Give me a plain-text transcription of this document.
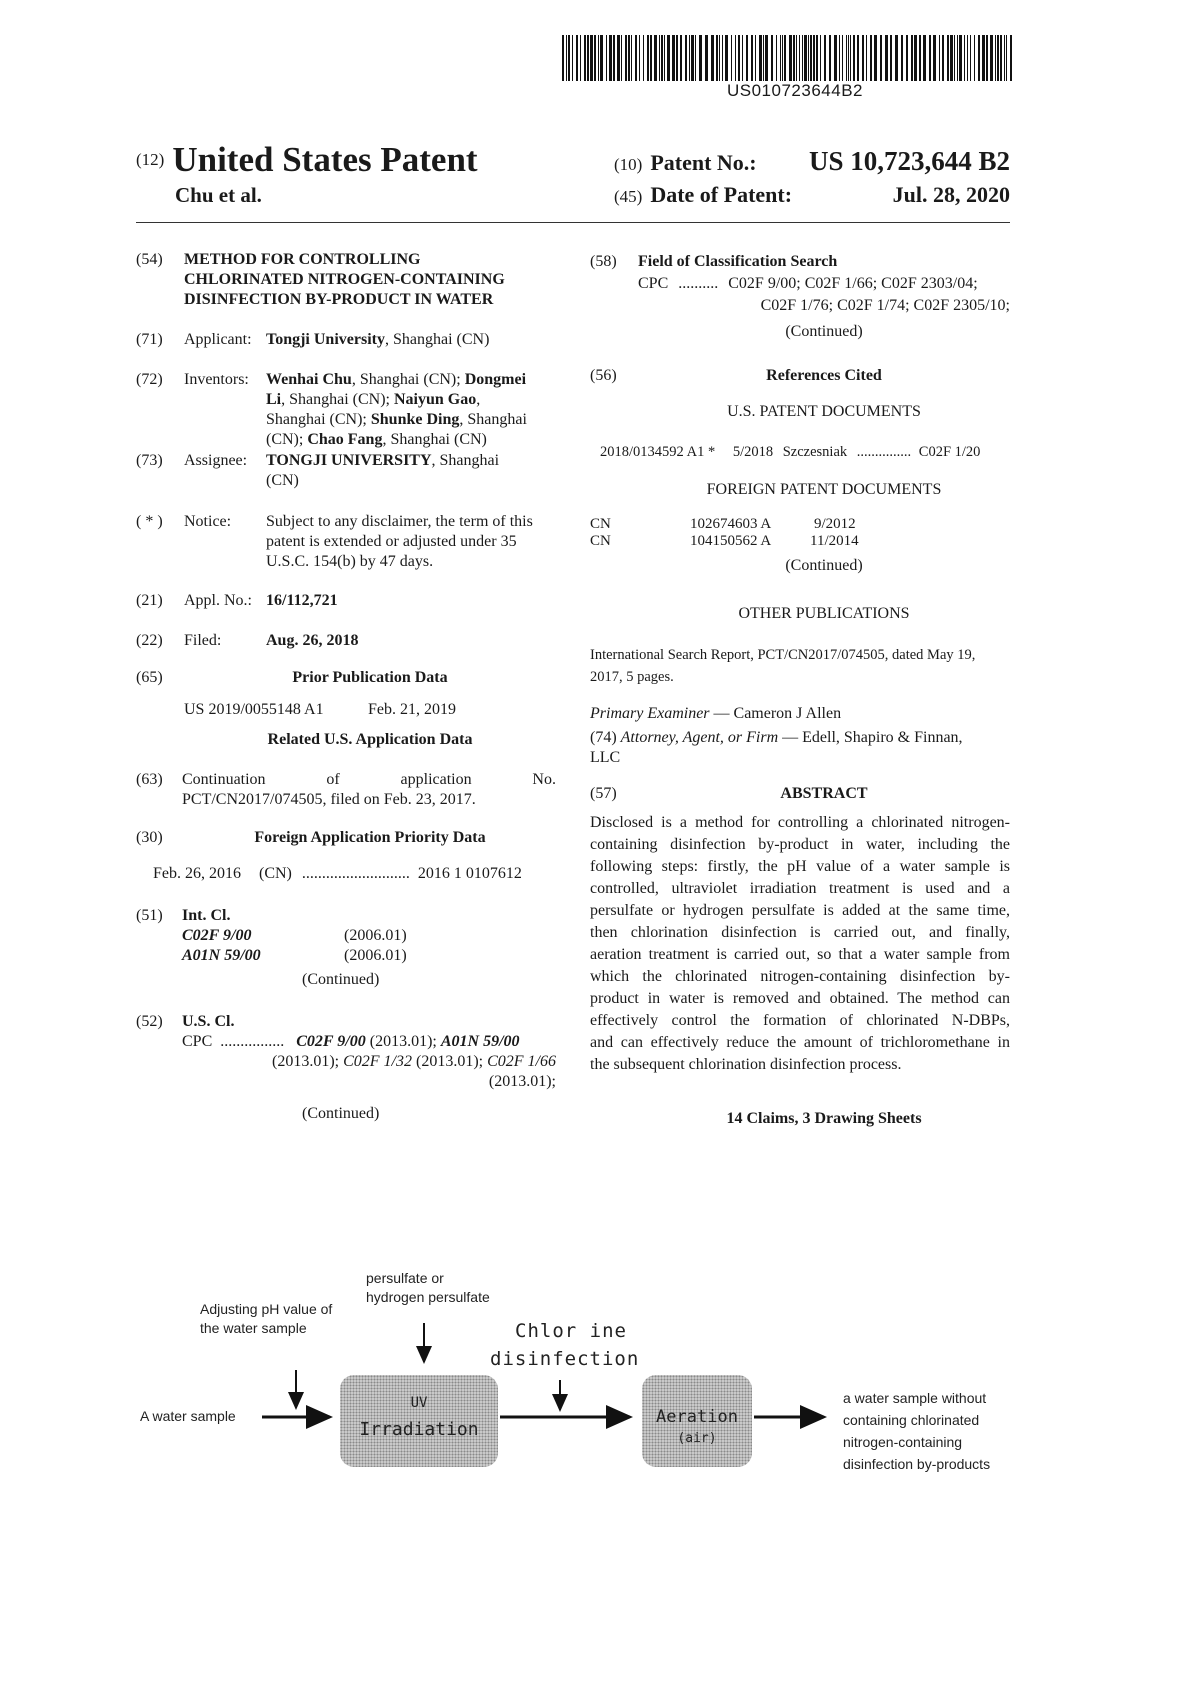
US010723644B2
(12) United States Patent
Chu et al.
(10) Patent No.: US 10,723,644 B2
(45) Date of Patent:	Jul. 28, 2020
(54) METHOD FOR CONTROLLING
CHLORINATED NITROGEN-CONTAINING
DISINFECTION BY-PRODUCT IN WATER
(71) Applicant: Tongji University, Shanghai (CN)
(72) Inventors: Wenhai Chu, Shanghai (CN); Dongmei
Li, Shanghai (CN); Naiyun Gao,
Shanghai (CN); Shunke Ding, Shanghai
(CN); Chao Fang, Shanghai (CN)
(73) Assignee: TONGJI UNIVERSITY, Shanghai
(CN)
( * ) Notice: Subject to any disclaimer, the term of this
patent is extended or adjusted under 35
U.S.C. 154(b) by 47 days.
(21) Appl. No.: 16/112,721
(22) Filed:	Aug. 26, 2018
(65)	Prior Publication Data
US 2019/0055148 A1	Feb. 21, 2019
Related U.S. Application Data
(63) Continuation	of	application	No.
PCT/CN2017/074505, filed on Feb. 23, 2017.
(30)	Foreign Application Priority Data
Feb. 26, 2016 (CN) ........................... 2016 1 0107612
(51) Int. Cl.
C02F 9/00	(2006.01)
A01N 59/00	(2006.01)
(Continued)
(52) U.S. Cl.
CPC ................ C02F 9/00 (2013.01); A01N 59/00
(2013.01); C02F 1/32 (2013.01); C02F 1/66
(2013.01);
(Continued)
(58) Field of Classification Search
CPC .......... C02F 9/00; C02F 1/66; C02F 2303/04;
C02F 1/76; C02F 1/74; C02F 2305/10;
(Continued)
(56)	References Cited
U.S. PATENT DOCUMENTS
2018/0134592 A1 * 5/2018 Szczesniak ............... C02F 1/20
FOREIGN PATENT DOCUMENTS
CN	102674603 A	9/2012
CN	104150562 A	11/2014
(Continued)
OTHER PUBLICATIONS
International Search Report, PCT/CN2017/074505, dated May 19,
2017, 5 pages.
Primary Examiner — Cameron J Allen
(74) Attorney, Agent, or Firm — Edell, Shapiro & Finnan,
LLC
(57)	ABSTRACT
Disclosed is a method for controlling a chlorinated nitrogen-
containing disinfection by-product in water, including the
following steps: firstly, the pH value of a water sample is
controlled, ultraviolet irradiation treatment is used and a
persulfate or hydrogen persulfate is added at the same time,
then chlorination disinfection is carried out, and finally,
aeration treatment is carried out, so that a water sample from
which the chlorinated nitrogen-containing disinfection by-
product in water is removed and obtained. The method can
effectively control the formation of chlorinated N-DBPs,
and can effectively reduce the amount of trichloromethane in
the subsequent chlorination disinfection process.
14 Claims, 3 Drawing Sheets
A water sample
Adjusting pH value of
the water sample
persulfate or
hydrogen persulfate
UV
Irradiation
Chlor ine
disinfection
Aeration
(air)
a water sample without
containing chlorinated
nitrogen-containing
disinfection by-products
